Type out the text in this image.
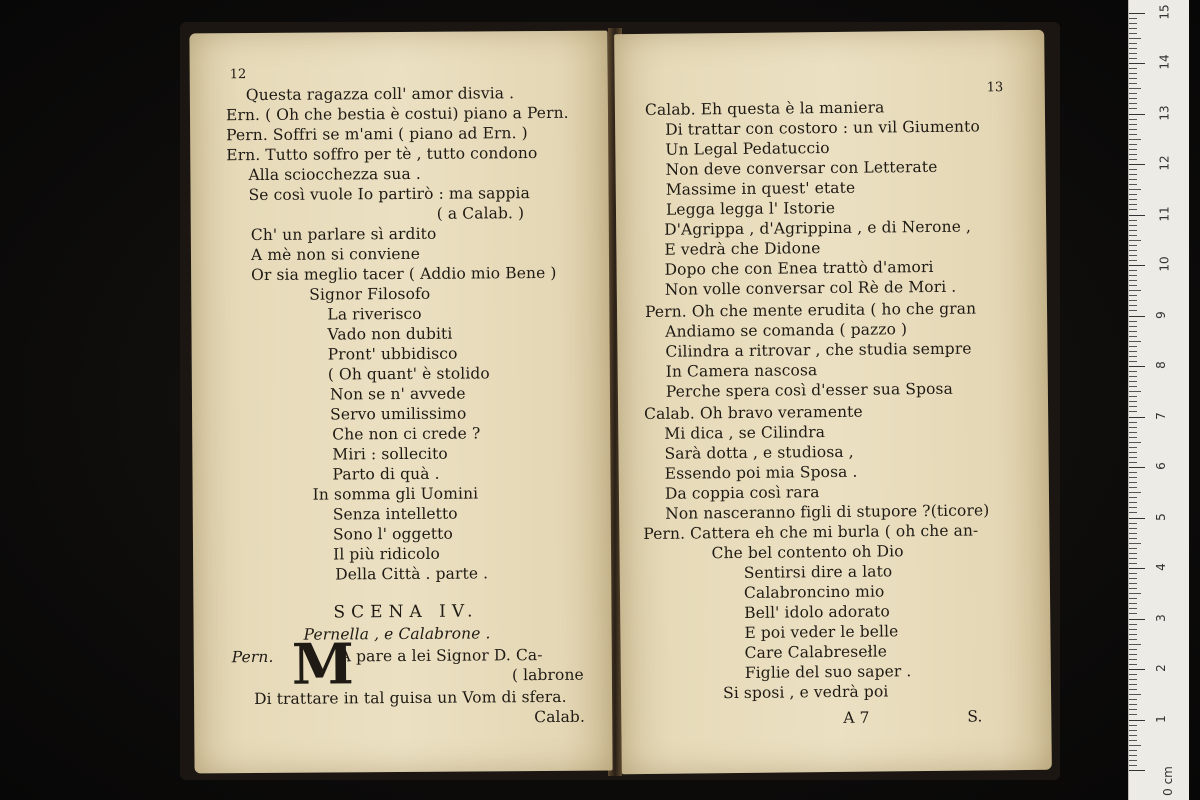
12
Questa ragazza coll' amor disvia .
Ern. ( Oh che bestia è costui) piano a Pern.
Pern. Soffri se m'ami ( piano ad Ern. )
Ern. Tutto soffro per tè , tutto condono
Alla sciocchezza sua .
Se così vuole Io partirò : ma sappia
( a Calab. )
Ch' un parlare sì ardito
A mè non si conviene
Or sia meglio tacer ( Addio mio Bene )
Signor Filosofo
La riverisco
Vado non dubiti
Pront' ubbidisco
( Oh quant' è stolido
Non se n' avvede
Servo umilissimo
Che non ci crede ?
Miri : sollecito
Parto di quà .
In somma gli Uomini
Senza intelletto
Sono l' oggetto
Il più ridicolo
Della Città . parte .
SCENA IV.
Pernella , e Calabrone .
Pern. M
A pare a lei Signor D. Ca-
( labrone
Di trattare in tal guisa un Vom di sfera.
Calab.
13
Calab. Eh questa è la maniera
Di trattar con costoro : un vil Giumento
Un Legal Pedatuccio
Non deve conversar con Letterate
Massime in quest' etate
Legga legga l' Istorie
D'Agrippa , d'Agrippina , e di Nerone ,
E vedrà che Didone
Dopo che con Enea trattò d'amori
Non volle conversar col Rè de Mori .
Pern. Oh che mente erudita ( ho che gran
Andiamo se comanda ( pazzo )
Cilindra a ritrovar , che studia sempre
In Camera nascosa
Perche spera così d'esser sua Sposa
Calab. Oh bravo veramente
Mi dica , se Cilindra
Sarà dotta , e studiosa ,
Essendo poi mia Sposa .
Da coppia così rara
Non nasceranno figli di stupore ?(ticore)
Pern. Cattera eh che mi burla ( oh che an-
Che bel contento oh Dio
Sentirsi dire a lato
Calabroncino mio
Bell' idolo adorato
E poi veder le belle
Care Calabresełle
Figlie del suo saper .
Si sposi , e vedrà poi
A 7	S.
0 cm
1
2
3
4
5
6
7
8
9
10
11
12
13
14
15
